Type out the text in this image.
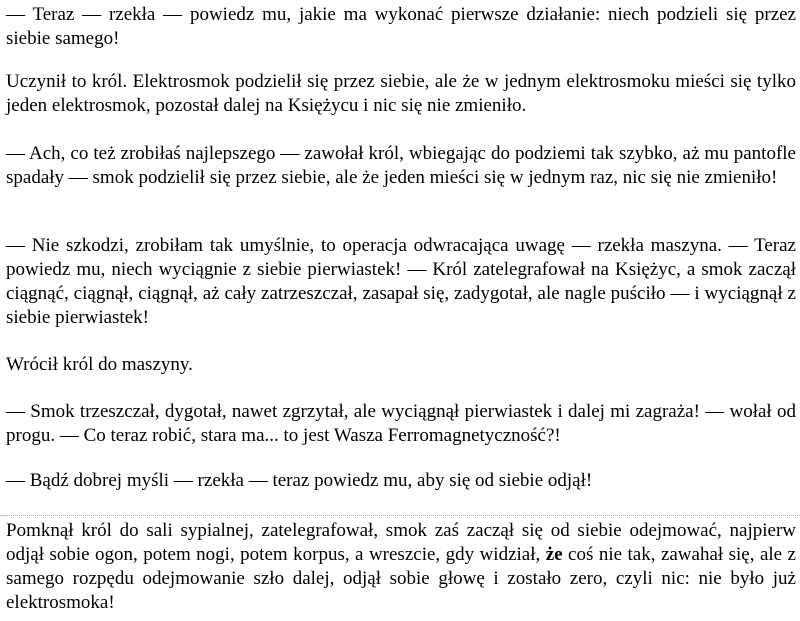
— Teraz — rzekła — powiedz mu, jakie ma wykonać pierwsze działanie: niech podzieli się przez siebie samego!

Uczynił to król. Elektrosmok podzielił się przez siebie, ale że w jednym elektrosmoku mieści się tylko jeden elektrosmok, pozostał dalej na Księżycu i nic się nie zmieniło.

— Ach, co też zrobiłaś najlepszego — zawołał król, wbiegając do podziemi tak szybko, aż mu pantofle spadały — smok podzielił się przez siebie, ale że jeden mieści się w jednym raz, nic się nie zmieniło!

— Nie szkodzi, zrobiłam tak umyślnie, to operacja odwracająca uwagę — rzekła maszyna. — Teraz powiedz mu, niech wyciągnie z siebie pierwiastek! — Król zatelegrafował na Księżyc, a smok zaczął ciągnąć, ciągnął, ciągnął, aż cały zatrzeszczał, zasapał się, zadygotał, ale nagle puściło — i wyciągnął z siebie pierwiastek!

Wrócił król do maszyny.

— Smok trzeszczał, dygotał, nawet zgrzytał, ale wyciągnął pierwiastek i dalej mi zagraża! — wołał od progu. — Co teraz robić, stara ma... to jest Wasza Ferromagnetyczność?!

— Bądź dobrej myśli — rzekła — teraz powiedz mu, aby się od siebie odjął!

Pomknął król do sali sypialnej, zatelegrafował, smok zaś zaczął się od siebie odejmować, najpierw odjął sobie ogon, potem nogi, potem korpus, a wreszcie, gdy widział, że coś nie tak, zawahał się, ale z samego rozpędu odejmowanie szło dalej, odjął sobie głowę i zostało zero, czyli nic: nie było już elektrosmoka!
